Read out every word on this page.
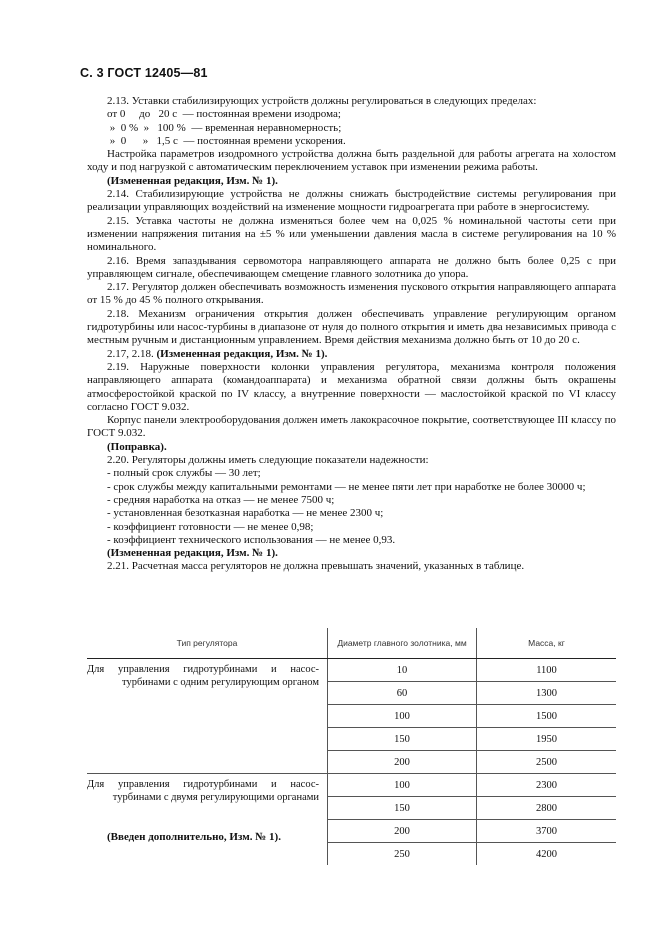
С. 3 ГОСТ 12405—81

2.13. Уставки стабилизирующих устройств должны регулироваться в следующих пределах:

от 0     до   20 с  — постоянная времени изодрома;

»  0 %  »   100 %  — временная неравномерность;

»  0      »   1,5 с  — постоянная времени ускорения.

Настройка параметров изодромного устройства должна быть раздельной для работы агрегата на холостом ходу и под нагрузкой с автоматическим переключением уставок при изменении режима работы.

(Измененная редакция, Изм. № 1).

2.14. Стабилизирующие устройства не должны снижать быстродействие системы регулирования при реализации управляющих воздействий на изменение мощности гидроагрегата при работе в энергосистему.

2.15. Уставка частоты не должна изменяться более чем на 0,025 % номинальной частоты сети при изменении напряжения питания на ±5 % или уменьшении давления масла в системе регулирования на 10 % номинального.

2.16. Время запаздывания сервомотора направляющего аппарата не должно быть более 0,25 с при управляющем сигнале, обеспечивающем смещение главного золотника до упора.

2.17. Регулятор должен обеспечивать возможность изменения пускового открытия направляющего аппарата от 15 % до 45 % полного открывания.

2.18. Механизм ограничения открытия должен обеспечивать управление регулирующим органом гидротурбины или насос-турбины в диапазоне от нуля до полного открытия и иметь два независимых привода с местным ручным и дистанционным управлением. Время действия механизма должно быть от 10 до 20 с.

2.17, 2.18. (Измененная редакция, Изм. № 1).

2.19. Наружные поверхности колонки управления регулятора, механизма контроля положения направляющего аппарата (командоаппарата) и механизма обратной связи должны быть окрашены атмосферостойкой краской по IV классу, а внутренние поверхности — маслостойкой краской по VI классу согласно ГОСТ 9.032.

Корпус панели электрооборудования должен иметь лакокрасочное покрытие, соответствующее III классу по ГОСТ 9.032.

(Поправка).

2.20. Регуляторы должны иметь следующие показатели надежности:

- полный срок службы — 30 лет;

- срок службы между капитальными ремонтами — не менее пяти лет при наработке не более 30000 ч;

- средняя наработка на отказ — не менее 7500 ч;

- установленная безотказная наработка — не менее 2300 ч;

- коэффициент готовности — не менее 0,98;

- коэффициент технического использования — не менее 0,93.

(Измененная редакция, Изм. № 1).

2.21. Расчетная масса регуляторов не должна превышать значений, указанных в таблице.

Тип регулятора	Диаметр главного золотника, мм	Масса, кг
Для управления гидротурбинами и насос-турбинами с одним регулирующим органом	10	1100
	60	1300
	100	1500
	150	1950
	200	2500
Для управления гидротурбинами и насос-турбинами с двумя регулирующими органами	100	2300
	150	2800
	200	3700
	250	4200
(Введен дополнительно, Изм. № 1).
